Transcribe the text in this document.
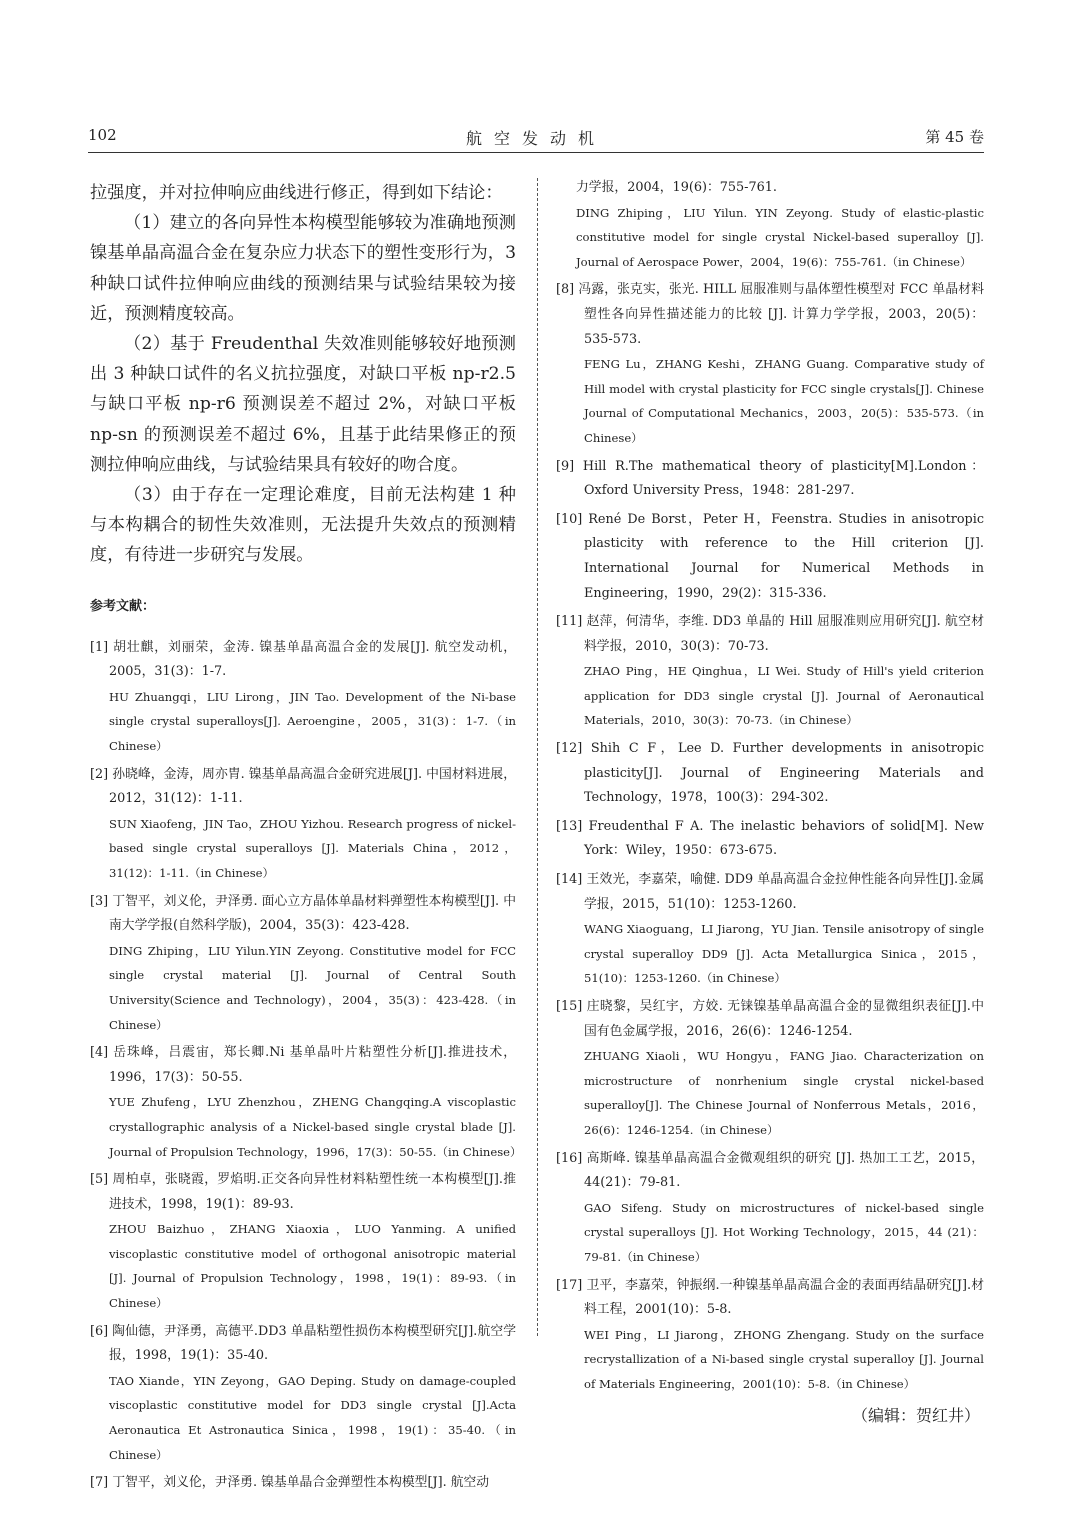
102	航空发动机	第 45 卷

拉强度，并对拉伸响应曲线进行修正，得到如下结论：

（1）建立的各向异性本构模型能够较为准确地预测镍基单晶高温合金在复杂应力状态下的塑性变形行为，3 种缺口试件拉伸响应曲线的预测结果与试验结果较为接近，预测精度较高。

（2）基于 Freudenthal 失效准则能够较好地预测出 3 种缺口试件的名义抗拉强度，对缺口平板 np-r2.5 与缺口平板 np-r6 预测误差不超过 2%，对缺口平板 np-sn 的预测误差不超过 6%，且基于此结果修正的预测拉伸响应曲线，与试验结果具有较好的吻合度。

（3）由于存在一定理论难度，目前无法构建 1 种与本构耦合的韧性失效准则，无法提升失效点的预测精度，有待进一步研究与发展。

参考文献：

[1] 胡壮麒，刘丽荣，金涛. 镍基单晶高温合金的发展[J]. 航空发动机，2005，31(3)：1-7.

HU Zhuangqi，LIU Lirong，JIN Tao. Development of the Ni-base single crystal superalloys[J]. Aeroengine，2005，31(3)：1-7.（in Chinese）

[2] 孙晓峰，金涛，周亦胄. 镍基单晶高温合金研究进展[J]. 中国材料进展，2012，31(12)：1-11.

SUN Xiaofeng，JIN Tao，ZHOU Yizhou. Research progress of nickel-based single crystal superalloys [J]. Materials China，2012，31(12)：1-11.（in Chinese）

[3] 丁智平，刘义伦，尹泽勇. 面心立方晶体单晶材料弹塑性本构模型[J]. 中南大学学报(自然科学版)，2004，35(3)：423-428.

DING Zhiping，LIU Yilun.YIN Zeyong. Constitutive model for FCC single crystal material [J]. Journal of Central South University(Science and Technology)，2004，35(3)：423-428.（in Chinese）

[4] 岳珠峰，吕震宙，郑长卿.Ni 基单晶叶片粘塑性分析[J].推进技术，1996，17(3)：50-55.

YUE Zhufeng，LYU Zhenzhou，ZHENG Changqing.A viscoplastic crystallographic analysis of a Nickel-based single crystal blade [J]. Journal of Propulsion Technology，1996，17(3)：50-55.（in Chinese）

[5] 周柏卓，张晓霞，罗焰明.正交各向异性材料粘塑性统一本构模型[J].推进技术，1998，19(1)：89-93.

ZHOU Baizhuo，ZHANG Xiaoxia，LUO Yanming. A unified viscoplastic constitutive model of orthogonal anisotropic material [J]. Journal of Propulsion Technology，1998，19(1)：89-93.（in Chinese）

[6] 陶仙德，尹泽勇，高德平.DD3 单晶粘塑性损伤本构模型研究[J].航空学报，1998，19(1)：35-40.

TAO Xiande，YIN Zeyong，GAO Deping. Study on damage-coupled viscoplastic constitutive model for DD3 single crystal [J].Acta Aeronautica Et Astronautica Sinica，1998，19(1)：35-40.（in Chinese）

[7] 丁智平，刘义伦，尹泽勇. 镍基单晶合金弹塑性本构模型[J]. 航空动

力学报，2004，19(6)：755-761.

DING Zhiping，LIU Yilun. YIN Zeyong. Study of elastic-plastic constitutive model for single crystal Nickel-based superalloy [J]. Journal of Aerospace Power，2004，19(6)：755-761.（in Chinese）

[8] 冯露，张克实，张光. HILL 屈服准则与晶体塑性模型对 FCC 单晶材料塑性各向异性描述能力的比较 [J]. 计算力学学报，2003，20(5)：535-573.

FENG Lu，ZHANG Keshi，ZHANG Guang. Comparative study of Hill model with crystal plasticity for FCC single crystals[J]. Chinese Journal of Computational Mechanics，2003，20(5)：535-573.（in Chinese）

[9] Hill R.The mathematical theory of plasticity[M].London：Oxford University Press，1948：281-297.

[10] René De Borst，Peter H，Feenstra. Studies in anisotropic plasticity with reference to the Hill criterion [J]. International Journal for Numerical Methods in Engineering，1990，29(2)：315-336.

[11] 赵萍，何清华，李维. DD3 单晶的 Hill 屈服准则应用研究[J]. 航空材料学报，2010，30(3)：70-73.

ZHAO Ping，HE Qinghua，LI Wei. Study of Hill's yield criterion application for DD3 single crystal [J]. Journal of Aeronautical Materials，2010，30(3)：70-73.（in Chinese）

[12] Shih C F，Lee D. Further developments in anisotropic plasticity[J]. Journal of Engineering Materials and Technology，1978，100(3)：294-302.

[13] Freudenthal F A. The inelastic behaviors of solid[M]. New York：Wiley，1950：673-675.

[14] 王效光，李嘉荣，喻健. DD9 单晶高温合金拉伸性能各向异性[J].金属学报，2015，51(10)：1253-1260.

WANG Xiaoguang，LI Jiarong，YU Jian. Tensile anisotropy of single crystal superalloy DD9 [J]. Acta Metallurgica Sinica，2015，51(10)：1253-1260.（in Chinese）

[15] 庄晓黎，吴红宇，方姣. 无铼镍基单晶高温合金的显微组织表征[J].中国有色金属学报，2016，26(6)：1246-1254.

ZHUANG Xiaoli，WU Hongyu，FANG Jiao. Characterization on microstructure of nonrhenium single crystal nickel-based superalloy[J]. The Chinese Journal of Nonferrous Metals，2016，26(6)：1246-1254.（in Chinese）

[16] 高斯峰. 镍基单晶高温合金微观组织的研究 [J]. 热加工工艺，2015，44(21)：79-81.

GAO Sifeng. Study on microstructures of nickel-based single crystal superalloys [J]. Hot Working Technology，2015，44 (21)：79-81.（in Chinese）

[17] 卫平，李嘉荣，钟振纲.一种镍基单晶高温合金的表面再结晶研究[J].材料工程，2001(10)：5-8.

WEI Ping，LI Jiarong，ZHONG Zhengang. Study on the surface recrystallization of a Ni-based single crystal superalloy [J]. Journal of Materials Engineering，2001(10)：5-8.（in Chinese）

（编辑：贺红井）
